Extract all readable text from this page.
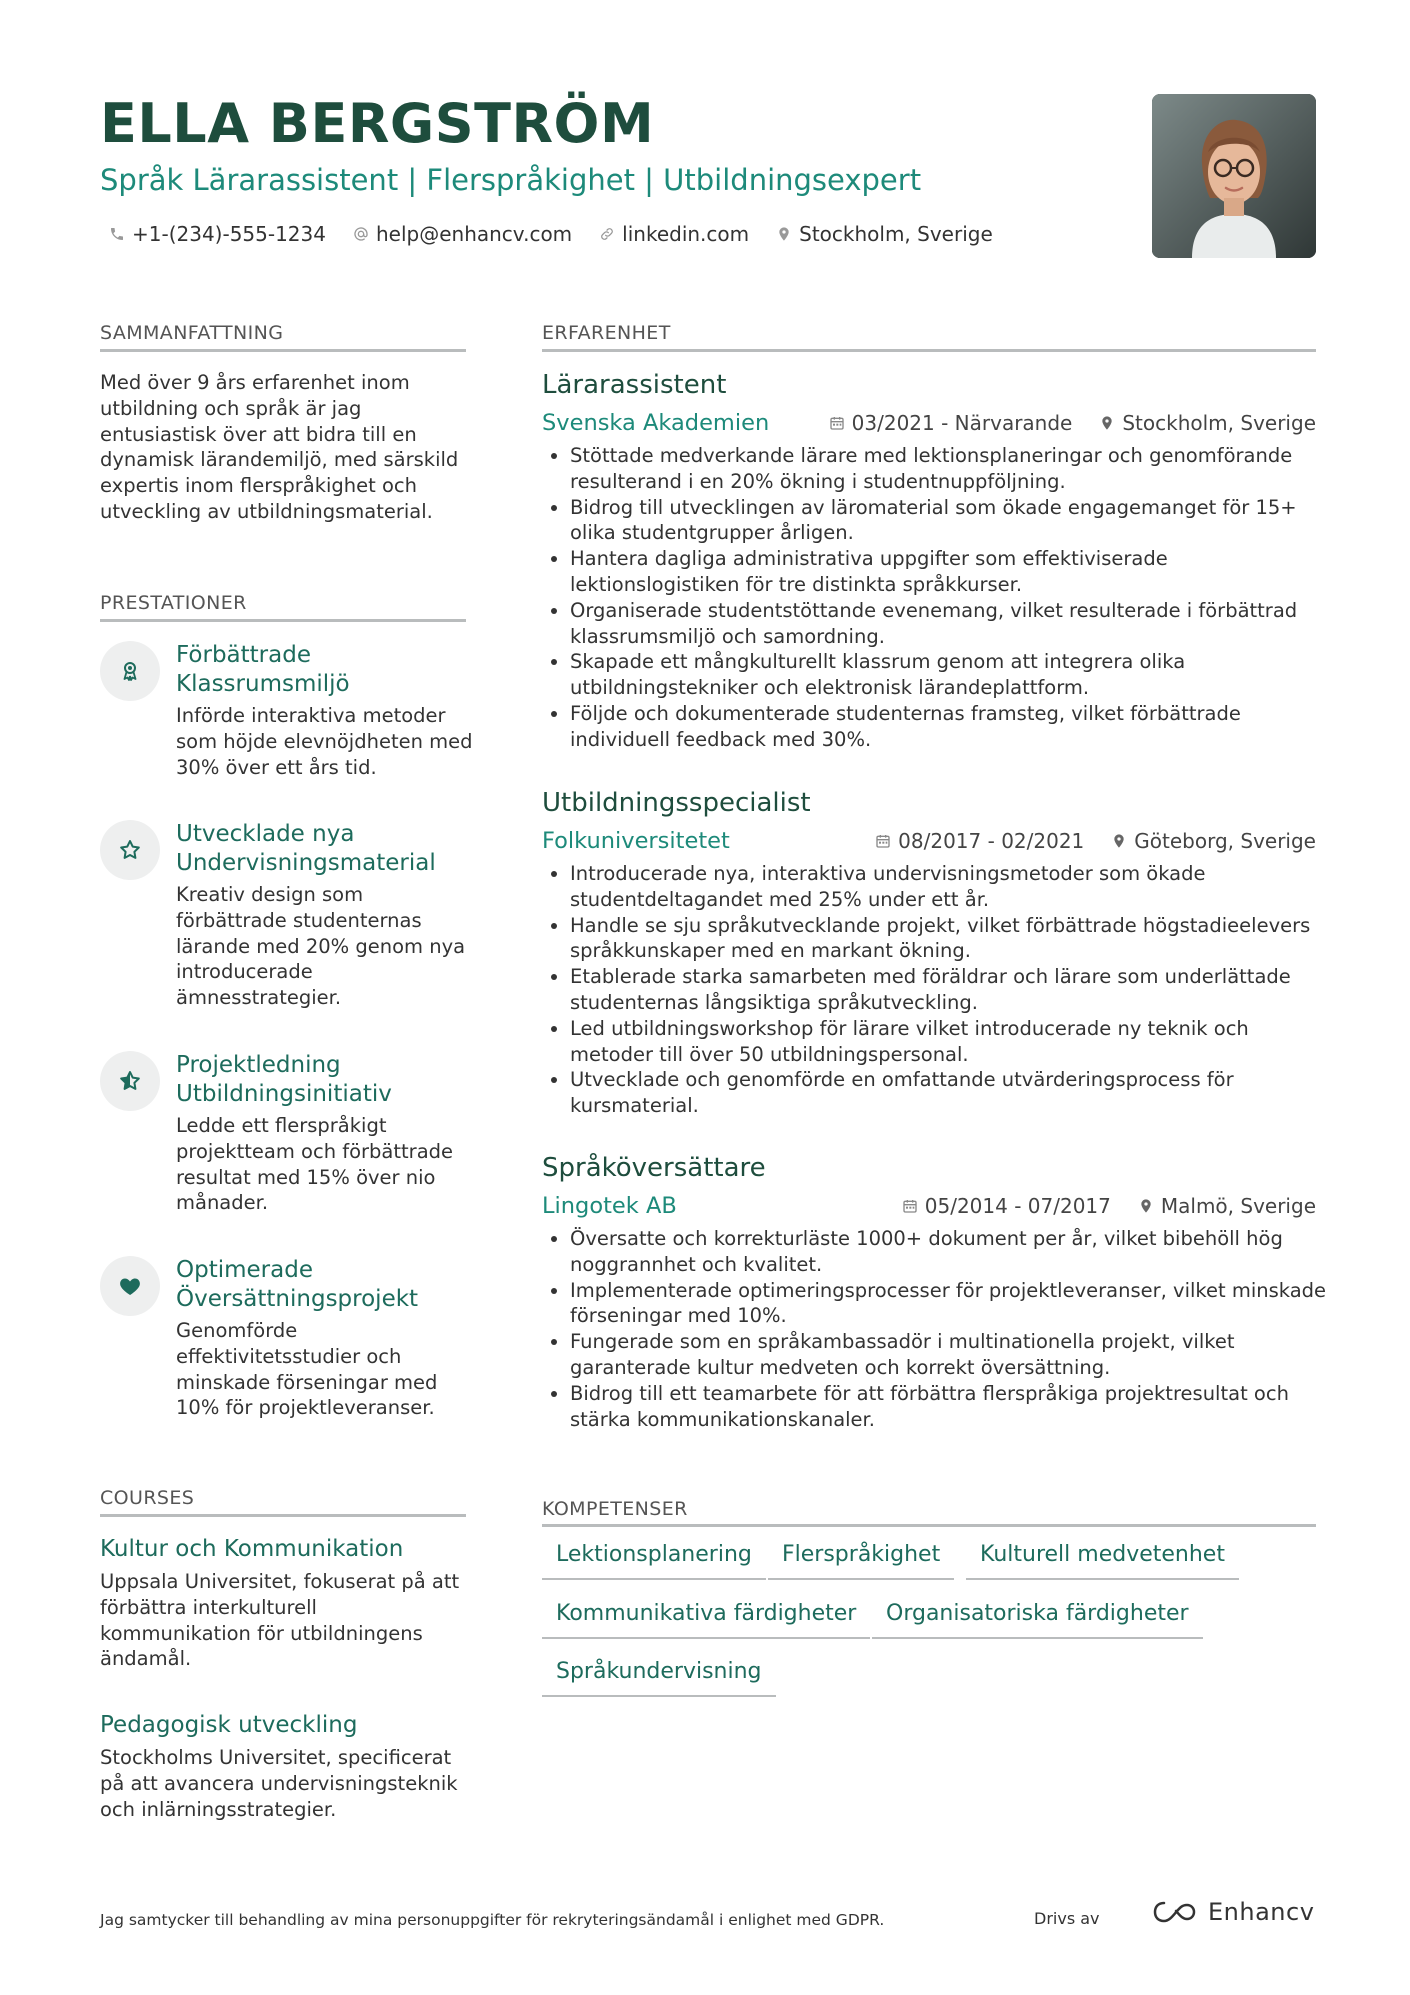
ELLA BERGSTRÖM
Språk Lärarassistent | Flerspråkighet | Utbildningsexpert
+1-(234)-555-1234	help@enhancv.com	linkedin.com	Stockholm, Sverige
SAMMANFATTNING
Med över 9 års erfarenhet inom utbildning och språk är jag entusiastisk över att bidra till en dynamisk lärandemiljö, med särskild expertis inom flerspråkighet och utveckling av utbildningsmaterial.
PRESTATIONER
Förbättrade Klassrumsmiljö
Införde interaktiva metoder som höjde elevnöjdheten med 30% över ett års tid.
Utvecklade nya Undervisningsmaterial
Kreativ design som förbättrade studenternas lärande med 20% genom nya introducerade ämnesstrategier.
Projektledning Utbildningsinitiativ
Ledde ett flerspråkigt projektteam och förbättrade resultat med 15% över nio månader.
Optimerade Översättningsprojekt
Genomförde effektivitetsstudier och minskade förseningar med 10% för projektleveranser.
COURSES
Kultur och Kommunikation
Uppsala Universitet, fokuserat på att förbättra interkulturell kommunikation för utbildningens ändamål.
Pedagogisk utveckling
Stockholms Universitet, specificerat på att avancera undervisningsteknik och inlärningsstrategier.
ERFARENHET
Lärarassistent
Svenska Akademien	03/2021 - Närvarande	Stockholm, Sverige
Stöttade medverkande lärare med lektionsplaneringar och genomförande resulterand i en 20% ökning i studentnuppföljning.
Bidrog till utvecklingen av läromaterial som ökade engagemanget för 15+ olika studentgrupper årligen.
Hantera dagliga administrativa uppgifter som effektiviserade lektionslogistiken för tre distinkta språkkurser.
Organiserade studentstöttande evenemang, vilket resulterade i förbättrad klassrumsmiljö och samordning.
Skapade ett mångkulturellt klassrum genom att integrera olika utbildningstekniker och elektronisk lärandeplattform.
Följde och dokumenterade studenternas framsteg, vilket förbättrade individuell feedback med 30%.
Utbildningsspecialist
Folkuniversitetet	08/2017 - 02/2021	Göteborg, Sverige
Introducerade nya, interaktiva undervisningsmetoder som ökade studentdeltagandet med 25% under ett år.
Handle se sju språkutvecklande projekt, vilket förbättrade högstadieelevers språkkunskaper med en markant ökning.
Etablerade starka samarbeten med föräldrar och lärare som underlättade studenternas långsiktiga språkutveckling.
Led utbildningsworkshop för lärare vilket introducerade ny teknik och metoder till över 50 utbildningspersonal.
Utvecklade och genomförde en omfattande utvärderingsprocess för kursmaterial.
Språköversättare
Lingotek AB	05/2014 - 07/2017	Malmö, Sverige
Översatte och korrekturläste 1000+ dokument per år, vilket bibehöll hög noggrannhet och kvalitet.
Implementerade optimeringsprocesser för projektleveranser, vilket minskade förseningar med 10%.
Fungerade som en språkambassadör i multinationella projekt, vilket garanterade kultur medveten och korrekt översättning.
Bidrog till ett teamarbete för att förbättra flerspråkiga projektresultat och stärka kommunikationskanaler.
KOMPETENSER
Lektionsplanering	Flerspråkighet	Kulturell medvetenhet
Kommunikativa färdigheter	Organisatoriska färdigheter
Språkundervisning
Jag samtycker till behandling av mina personuppgifter för rekryteringsändamål i enlighet med GDPR.	Drivs av	Enhancv
